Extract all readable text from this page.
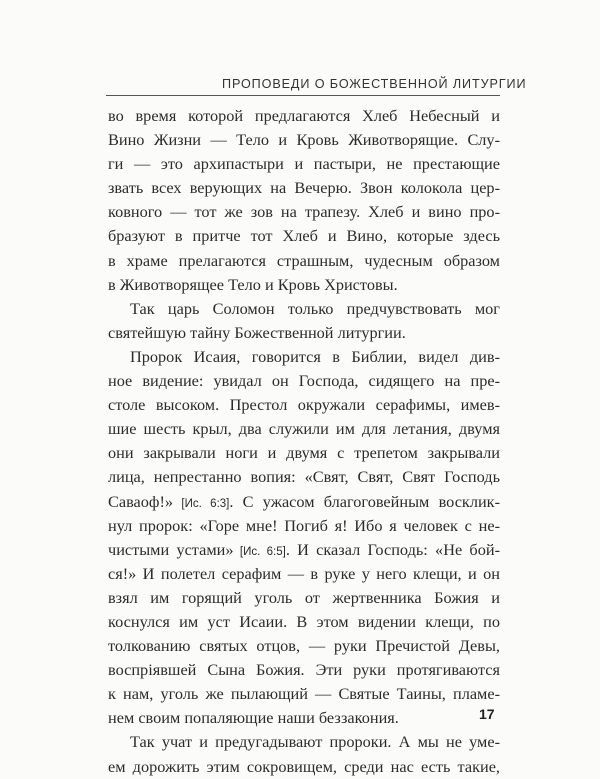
ПРОПОВЕДИ О БОЖЕСТВЕННОЙ ЛИТУРГИИ
во время которой предлагаются Хлеб Небесный и
Вино Жизни — Тело и Кровь Животворящие. Слу-
ги — это архипастыри и пастыри, не престающие
звать всех верующих на Вечерю. Звон колокола цер-
ковного — тот же зов на трапезу. Хлеб и вино про-
бразуют в притче тот Хлеб и Вино, которые здесь
в храме прелагаются страшным, чудесным образом
в Животворящее Тело и Кровь Христовы.
Так царь Соломон только предчувствовать мог
святейшую тайну Божественной литургии.
Пророк Исаия, говорится в Библии, видел див-
ное видение: увидал он Господа, сидящего на пре-
столе высоком. Престол окружали серафимы, имев-
шие шесть крыл, два служили им для летания, двумя
они закрывали ноги и двумя с трепетом закрывали
лица, непрестанно вопия: «Свят, Свят, Свят Господь
Саваоф!» [Ис. 6:3]. С ужасом благоговейным восклик-
нул пророк: «Горе мне! Погиб я! Ибо я человек с не-
чистыми устами» [Ис. 6:5]. И сказал Господь: «Не бой-
ся!» И полетел серафим — в руке у него клещи, и он
взял им горящий уголь от жертвенника Божия и
коснулся им уст Исаии. В этом видении клещи, по
толкованию святых отцов, — руки Пречистой Девы,
воспріявшей Сына Божия. Эти руки протягиваются
к нам, уголь же пылающий — Святые Таины, пламе-
нем своим попаляющие наши беззакония.
Так учат и предугадывают пророки. А мы не уме-
ем дорожить этим сокровищем, среди нас есть такие,
17
